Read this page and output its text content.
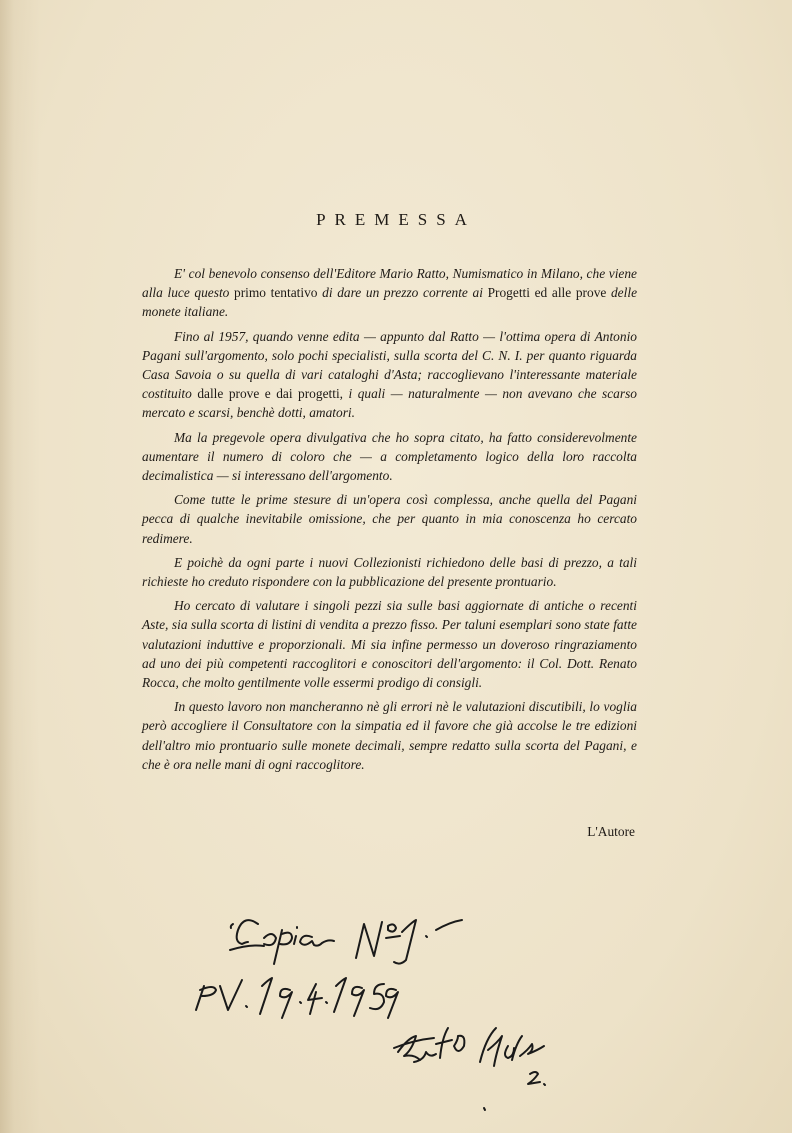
PREMESSA

E' col benevolo consenso dell'Editore Mario Ratto, Numismatico in Milano, che viene alla luce questo primo tentativo di dare un prezzo corrente ai Progetti ed alle prove delle monete italiane.

Fino al 1957, quando venne edita — appunto dal Ratto — l'ottima opera di Antonio Pagani sull'argomento, solo pochi specialisti, sulla scorta del C. N. I. per quanto riguarda Casa Savoia o su quella di vari cataloghi d'Asta; raccoglievano l'interessante materiale costituito dalle prove e dai progetti, i quali — naturalmente — non avevano che scarso mercato e scarsi, benchè dotti, amatori.

Ma la pregevole opera divulgativa che ho sopra citato, ha fatto considerevolmente aumentare il numero di coloro che — a completamento logico della loro raccolta decimalistica — si interessano dell'argomento.

Come tutte le prime stesure di un'opera così complessa, anche quella del Pagani pecca di qualche inevitabile omissione, che per quanto in mia conoscenza ho cercato redimere.

E poichè da ogni parte i nuovi Collezionisti richiedono delle basi di prezzo, a tali richieste ho creduto rispondere con la pubblicazione del presente prontuario.

Ho cercato di valutare i singoli pezzi sia sulle basi aggiornate di antiche o recenti Aste, sia sulla scorta di listini di vendita a prezzo fisso. Per taluni esemplari sono state fatte valutazioni induttive e proporzionali. Mi sia infine permesso un doveroso ringraziamento ad uno dei più competenti raccoglitori e conoscitori dell'argomento: il Col. Dott. Renato Rocca, che molto gentilmente volle essermi prodigo di consigli.

In questo lavoro non mancheranno nè gli errori nè le valutazioni discutibili, lo voglia però accogliere il Consultatore con la simpatia ed il favore che già accolse le tre edizioni dell'altro mio prontuario sulle monete decimali, sempre redatto sulla scorta del Pagani, e che è ora nelle mani di ogni raccoglitore.

L'Autore
